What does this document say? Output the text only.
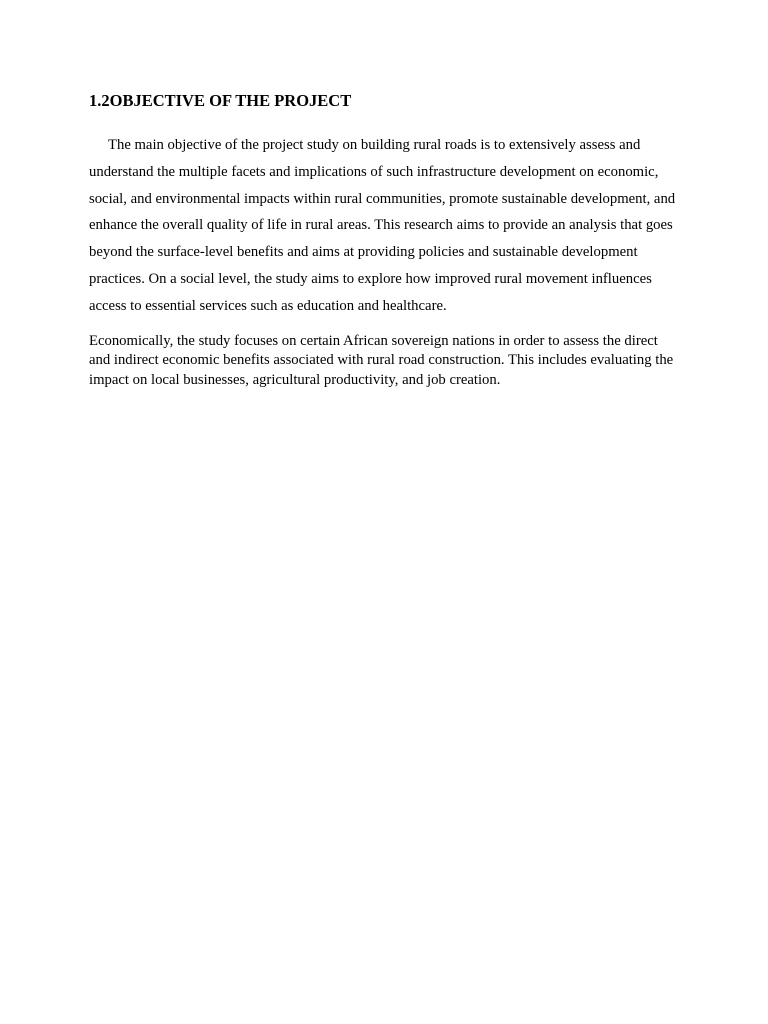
1.2OBJECTIVE OF THE PROJECT

The main objective of the project study on building rural roads is to extensively assess and understand the multiple facets and implications of such infrastructure development on economic, social, and environmental impacts within rural communities, promote sustainable development, and enhance the overall quality of life in rural areas. This research aims to provide an analysis that goes beyond the surface-level benefits and aims at providing policies and sustainable development practices. On a social level, the study aims to explore how improved rural movement influences access to essential services such as education and healthcare.

Economically, the study focuses on certain African sovereign nations in order to assess the direct and indirect economic benefits associated with rural road construction. This includes evaluating the impact on local businesses, agricultural productivity, and job creation.
